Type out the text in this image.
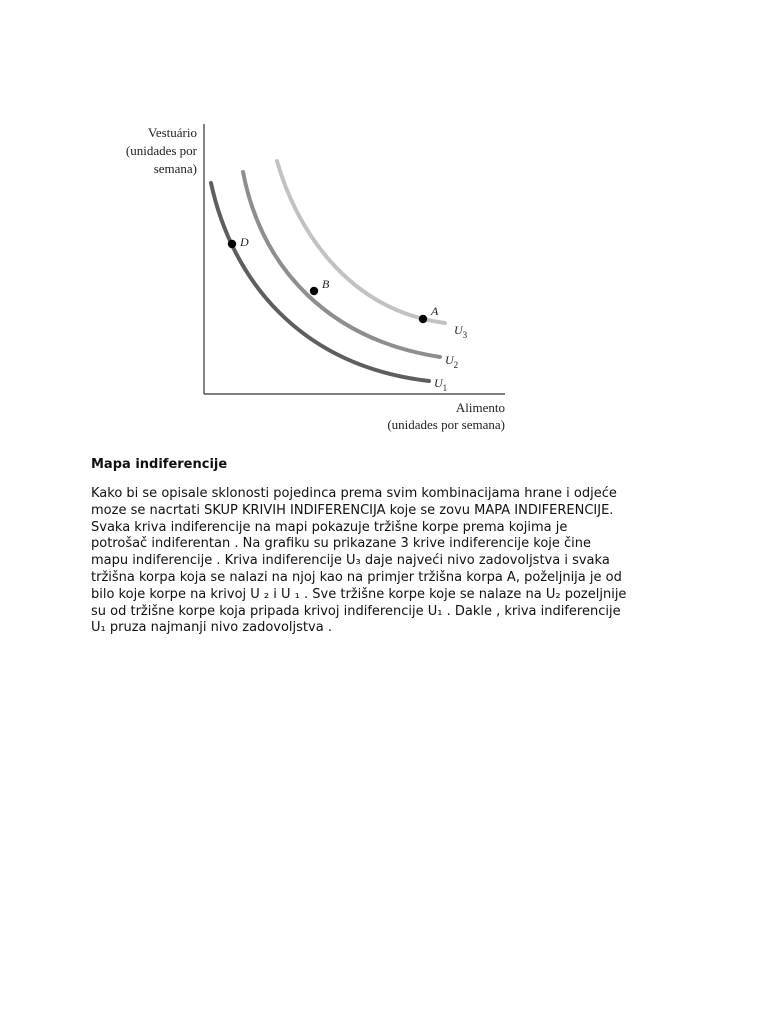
Vestuário
(unidades por
semana)
D
B
A
$U_3$
$U_2$
$U_1$
Alimento
(unidades por semana)
Mapa indiferencije

Kako bi se opisale sklonosti pojedinca prema svim kombinacijama hrane i odjeće
moze se nacrtati SKUP KRIVIH INDIFERENCIJA koje se zovu MAPA INDIFERENCIJE.
Svaka kriva indiferencije na mapi pokazuje tržišne korpe prema kojima je
potrošač indiferentan . Na grafiku su prikazane 3 krive indiferencije koje čine
mapu indiferencije . Kriva indiferencije U₃ daje najveći nivo zadovoljstva i svaka
tržišna korpa koja se nalazi na njoj kao na primjer tržišna korpa A, poželjnija je od
bilo koje korpe na krivoj U ₂ i U ₁ . Sve tržišne korpe koje se nalaze na U₂ pozeljnije
su od tržišne korpe koja pripada krivoj indiferencije U₁ . Dakle , kriva indiferencije
U₁ pruza najmanji nivo zadovoljstva .
